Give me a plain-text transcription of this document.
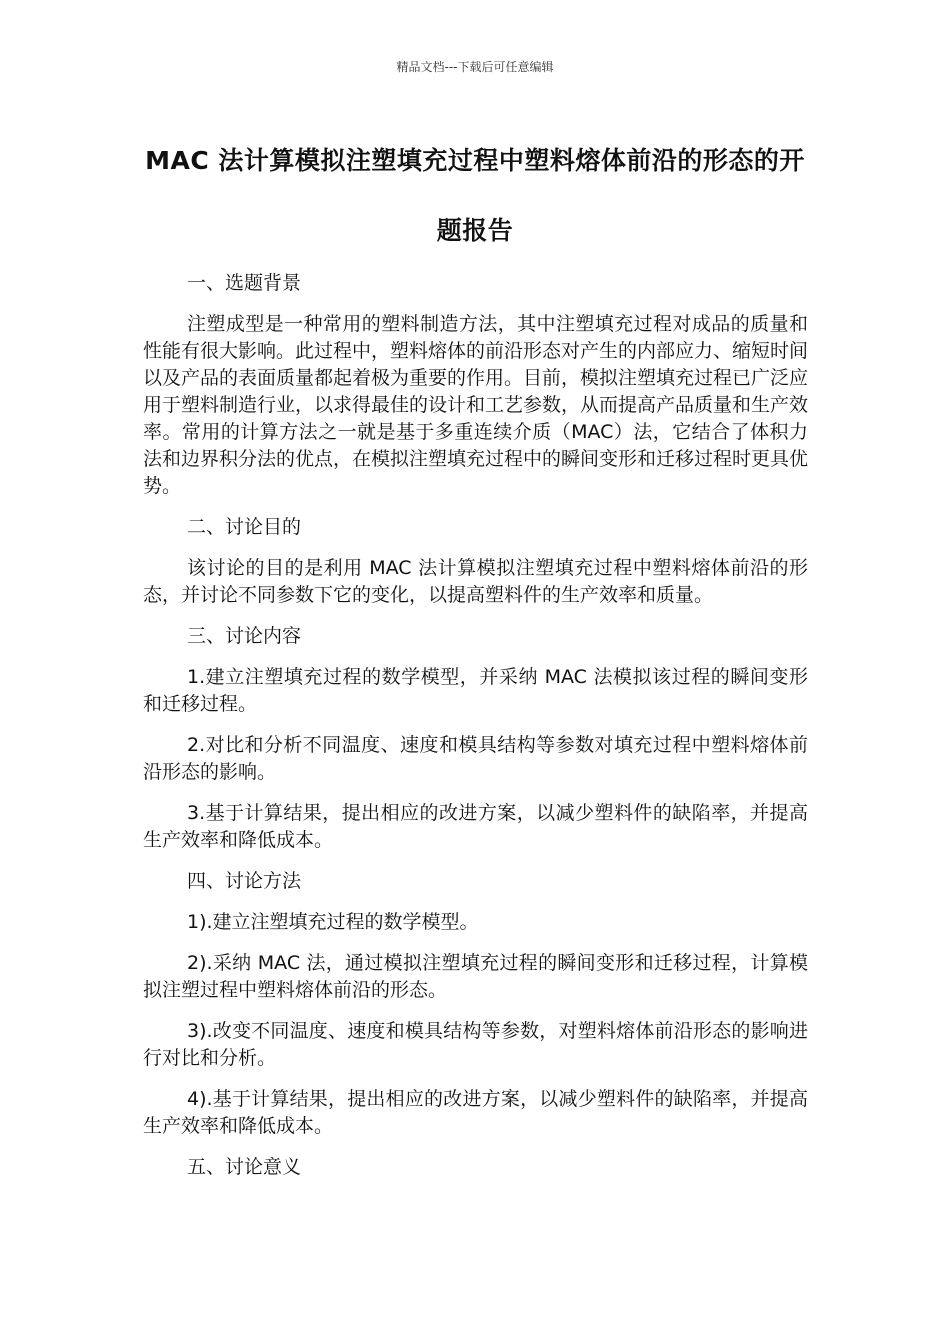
精品文档---下载后可任意编辑
MAC 法计算模拟注塑填充过程中塑料熔体前沿的形态的开题报告

一、选题背景

注塑成型是一种常用的塑料制造方法，其中注塑填充过程对成品的质量和性能有很大影响。此过程中，塑料熔体的前沿形态对产生的内部应力、缩短时间以及产品的表面质量都起着极为重要的作用。目前，模拟注塑填充过程已广泛应用于塑料制造行业，以求得最佳的设计和工艺参数，从而提高产品质量和生产效率。常用的计算方法之一就是基于多重连续介质（MAC）法，它结合了体积力法和边界积分法的优点，在模拟注塑填充过程中的瞬间变形和迁移过程时更具优势。

二、讨论目的

该讨论的目的是利用 MAC 法计算模拟注塑填充过程中塑料熔体前沿的形态，并讨论不同参数下它的变化，以提高塑料件的生产效率和质量。

三、讨论内容

1.建立注塑填充过程的数学模型，并采纳 MAC 法模拟该过程的瞬间变形和迁移过程。

2.对比和分析不同温度、速度和模具结构等参数对填充过程中塑料熔体前沿形态的影响。

3.基于计算结果，提出相应的改进方案，以减少塑料件的缺陷率，并提高生产效率和降低成本。

四、讨论方法

1).建立注塑填充过程的数学模型。

2).采纳 MAC 法，通过模拟注塑填充过程的瞬间变形和迁移过程，计算模拟注塑过程中塑料熔体前沿的形态。

3).改变不同温度、速度和模具结构等参数，对塑料熔体前沿形态的影响进行对比和分析。

4).基于计算结果，提出相应的改进方案，以减少塑料件的缺陷率，并提高生产效率和降低成本。

五、讨论意义
